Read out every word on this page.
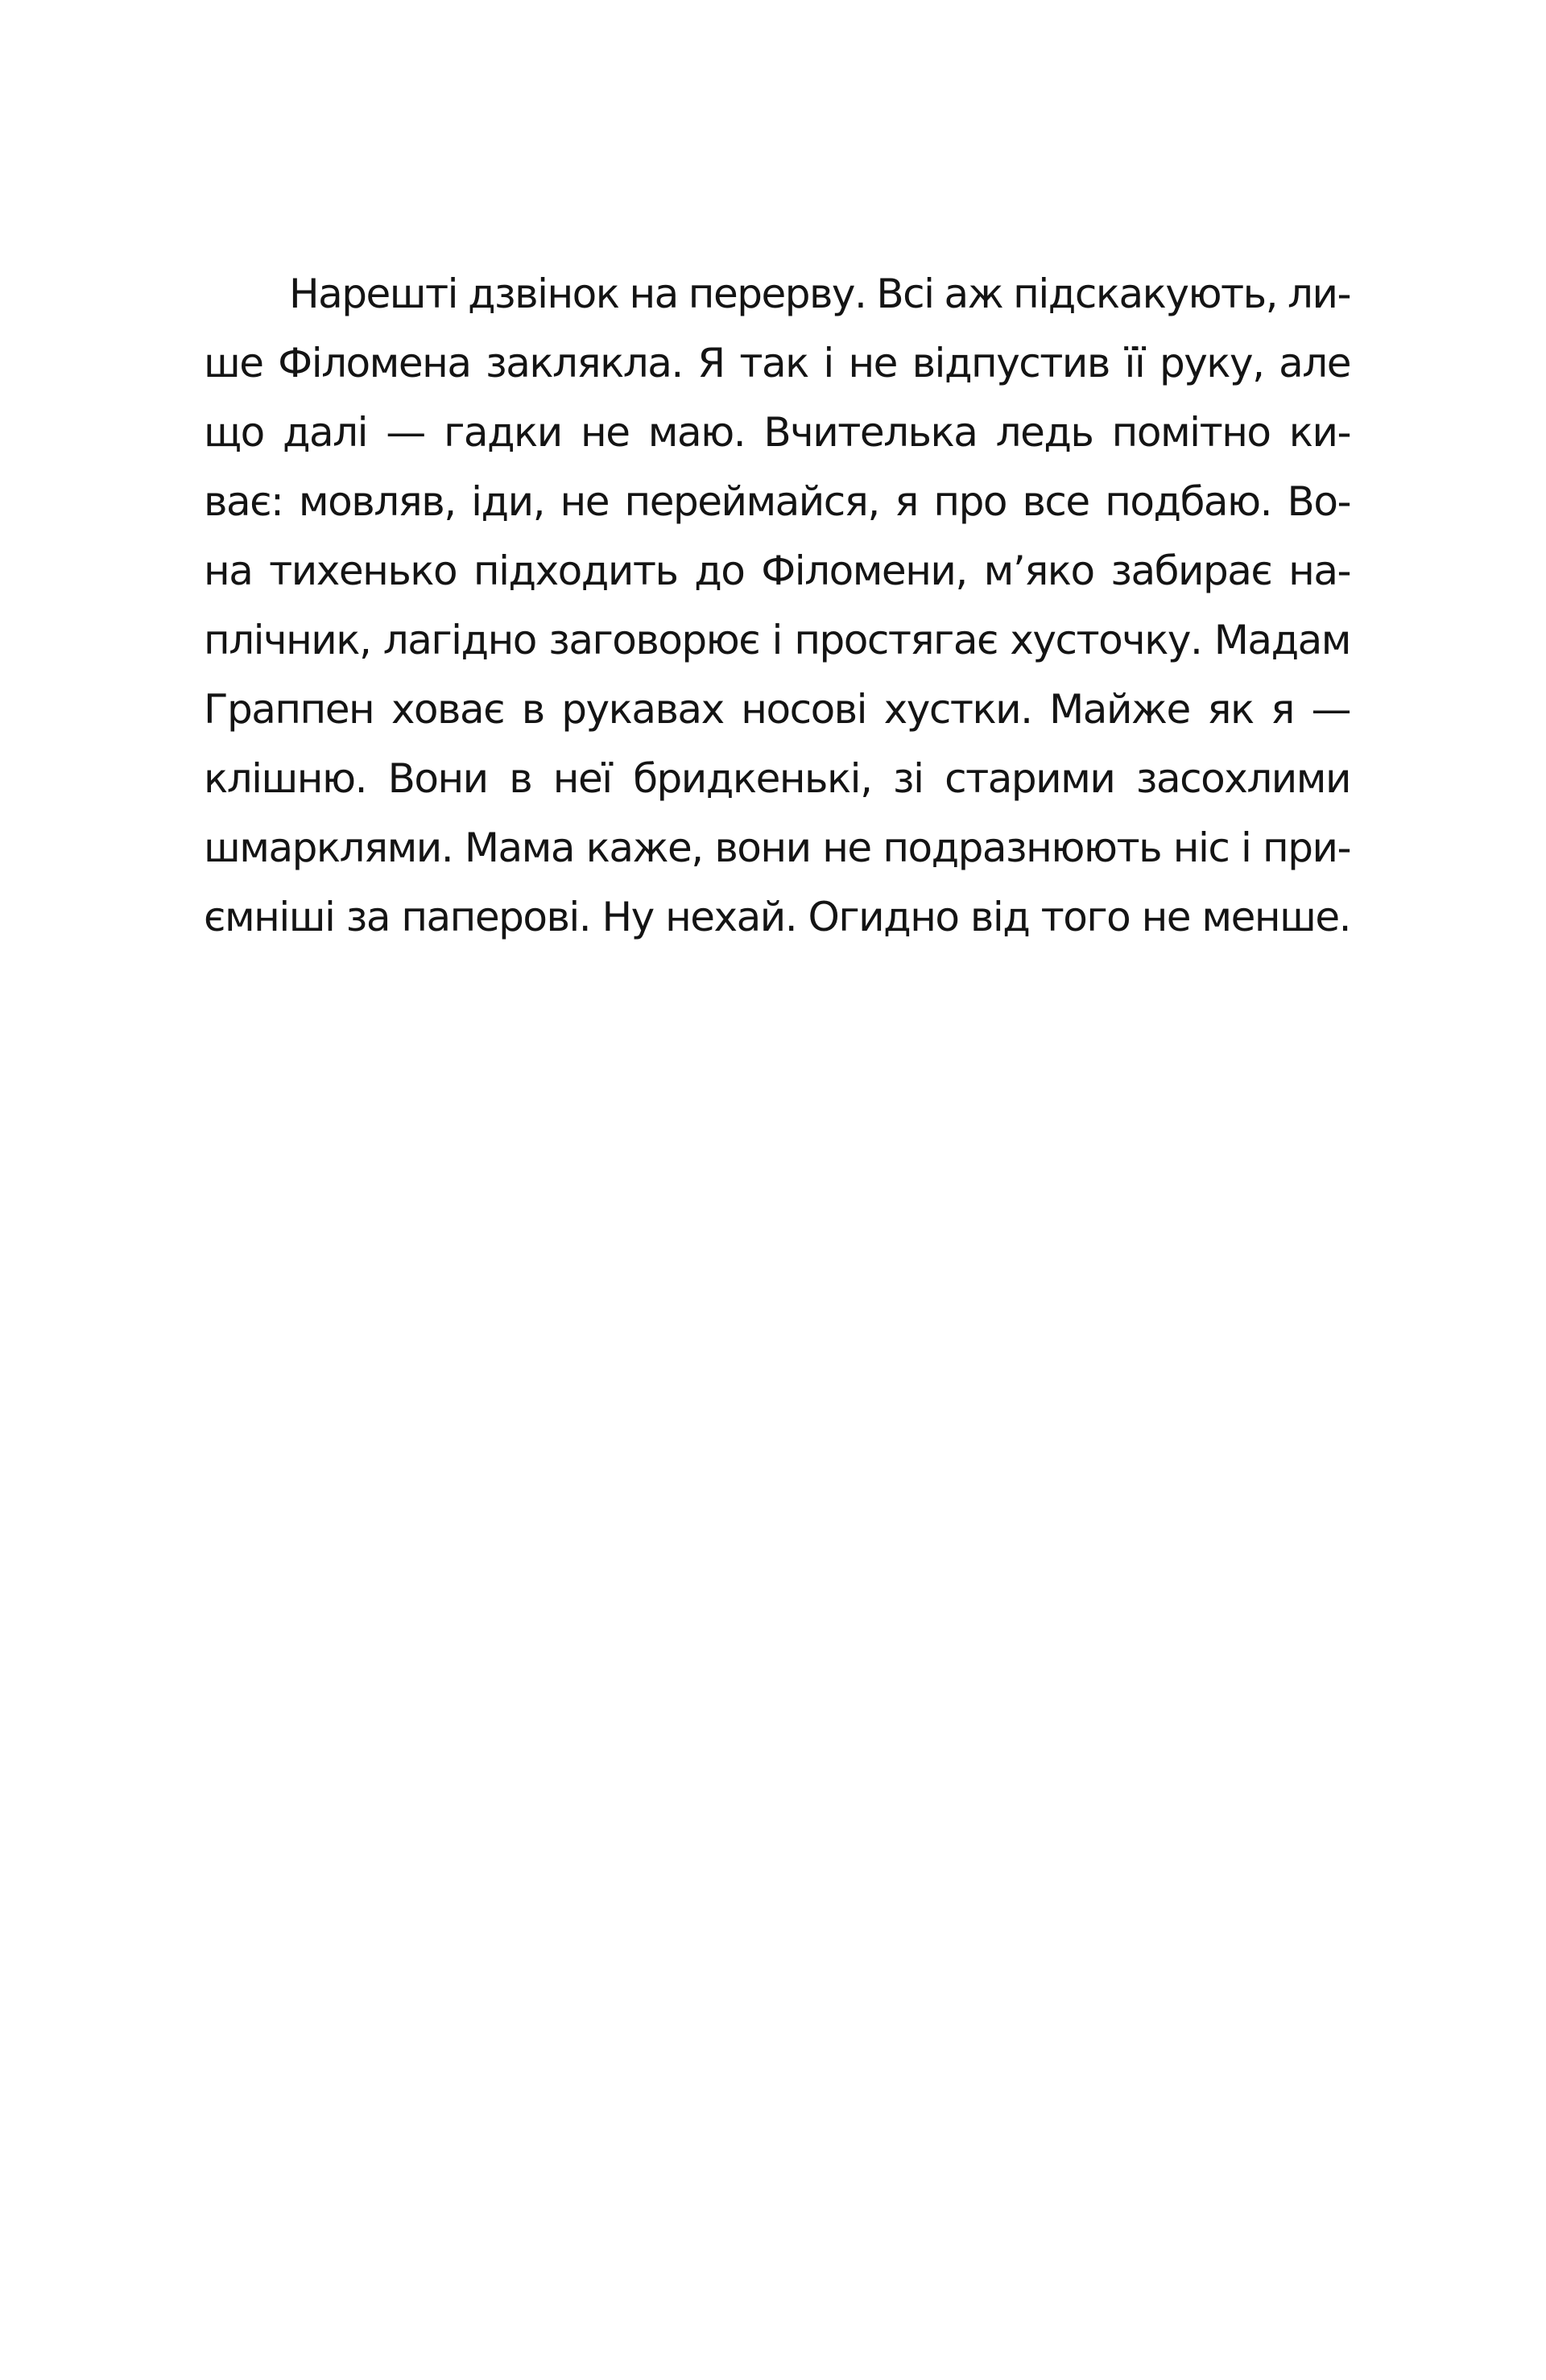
Нарешті дзвінок на перерву. Всі аж підскакують, ли-
ше Філомена заклякла. Я так і не відпустив її руку, але
що далі — гадки не маю. Вчителька ледь помітно ки-
ває: мовляв, іди, не переймайся, я про все подбаю. Во-
на тихенько підходить до Філомени, м’яко забирає на-
плічник, лагідно заговорює і простягає хусточку. Мадам
Граппен ховає в рукавах носові хустки. Майже як я —
клішню. Вони в неї бридкенькі, зі старими засохлими
шмарклями. Мама каже, вони не подразнюють ніс і при-
ємніші за паперові. Ну нехай. Огидно від того не менше.
